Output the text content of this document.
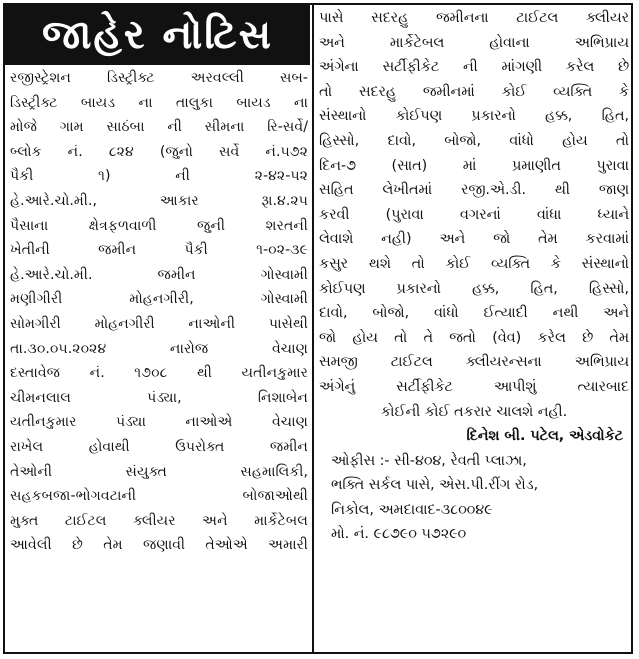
જાહેર નોટિસ
રજીસ્ટ્રેશન ડિસ્ટ્રીક્ટ અરવલ્લી સબ-
ડિસ્ટ્રીક્ટ બાયડ ના તાલુકા બાયડ ના
મોજે ગામ સાઠંબા ની સીમના રિ-સર્વે/
બ્લોક નં. ૮૨૪ (જુનો સર્વે નં.૫૭૨
પૈકી ૧) ની ૨-૪૨-૫૨
હે.આરે.ચો.મી., આકાર રૂા.૪.૨૫
પૈસાના ક્ષેત્રફળવાળી જુની શરતની
ખેતીની જમીન પૈકી ૧-૦૨-૩૯
હે.આરે.ચો.મી. જમીન ગોસ્વામી
મણીગીરી મોહનગીરી, ગોસ્વામી
સોમગીરી મોહનગીરી નાઓની પાસેથી
તા.૩૦.૦૫.૨૦૨૪ નારોજ વેચાણ
દસ્તાવેજ નં. ૧૭૦૮ થી યતીનકુમાર
ચીમનલાલ પંડ્યા, નિશાબેન
યતીનકુમાર પંડ્યા નાઓએ વેચાણ
રાખેલ હોવાથી ઉપરોક્ત જમીન
તેઓની સંયુક્ત સહમાલિકી,
સહકબજા-ભોગવટાની બોજાઓથી
મુક્ત ટાઈટલ ક્લીયર અને માર્કેટેબલ
આવેલી છે તેમ જણાવી તેઓએ અમારી
પાસે સદરહુ જમીનના ટાઈટલ ક્લીયર
અને માર્કેટેબલ હોવાના અભિપ્રાય
અંગેના સર્ટીફીકેટ ની માંગણી કરેલ છે
તો સદરહુ જમીનમાં કોઈ વ્યક્તિ કે
સંસ્થાનો કોઈપણ પ્રકારનો હક્ક, હિત,
હિસ્સો, દાવો, બોજો, વાંધો હોય તો
દિન-૭ (સાત) માં પ્રમાણીત પુરાવા
સહિત લેખીતમાં રજી.એ.ડી. થી જાણ
કરવી (પુરાવા વગરનાં વાંધા ધ્યાને
લેવાશે નહી) અને જો તેમ કરવામાં
કસુર થશે તો કોઈ વ્યક્તિ કે સંસ્થાનો
કોઈપણ પ્રકારનો હક્ક, હિત, હિસ્સો,
દાવો, બોજો, વાંધો ઈત્યાદી નથી અને
જો હોય તો તે જતો (વેવ) કરેલ છે તેમ
સમજી ટાઈટલ ક્લીયરન્સના અભિપ્રાય
અંગેનું સર્ટીફીકેટ આપીશું ત્યારબાદ
કોઈની કોઈ તકરાર ચાલશે નહી.
દિનેશ બી. પટેલ, એડવોકેટ
ઓફીસ :- સી-૪૦૪, રેવતી પ્લાઝા,
ભક્તિ સર્કલ પાસે, એસ.પી.રીંગ રોડ,
નિકોલ, અમદાવાદ-૩૮૦૦૪૯
મો. નં. ૯૮૭૯૦ ૫૭૨૯૦
